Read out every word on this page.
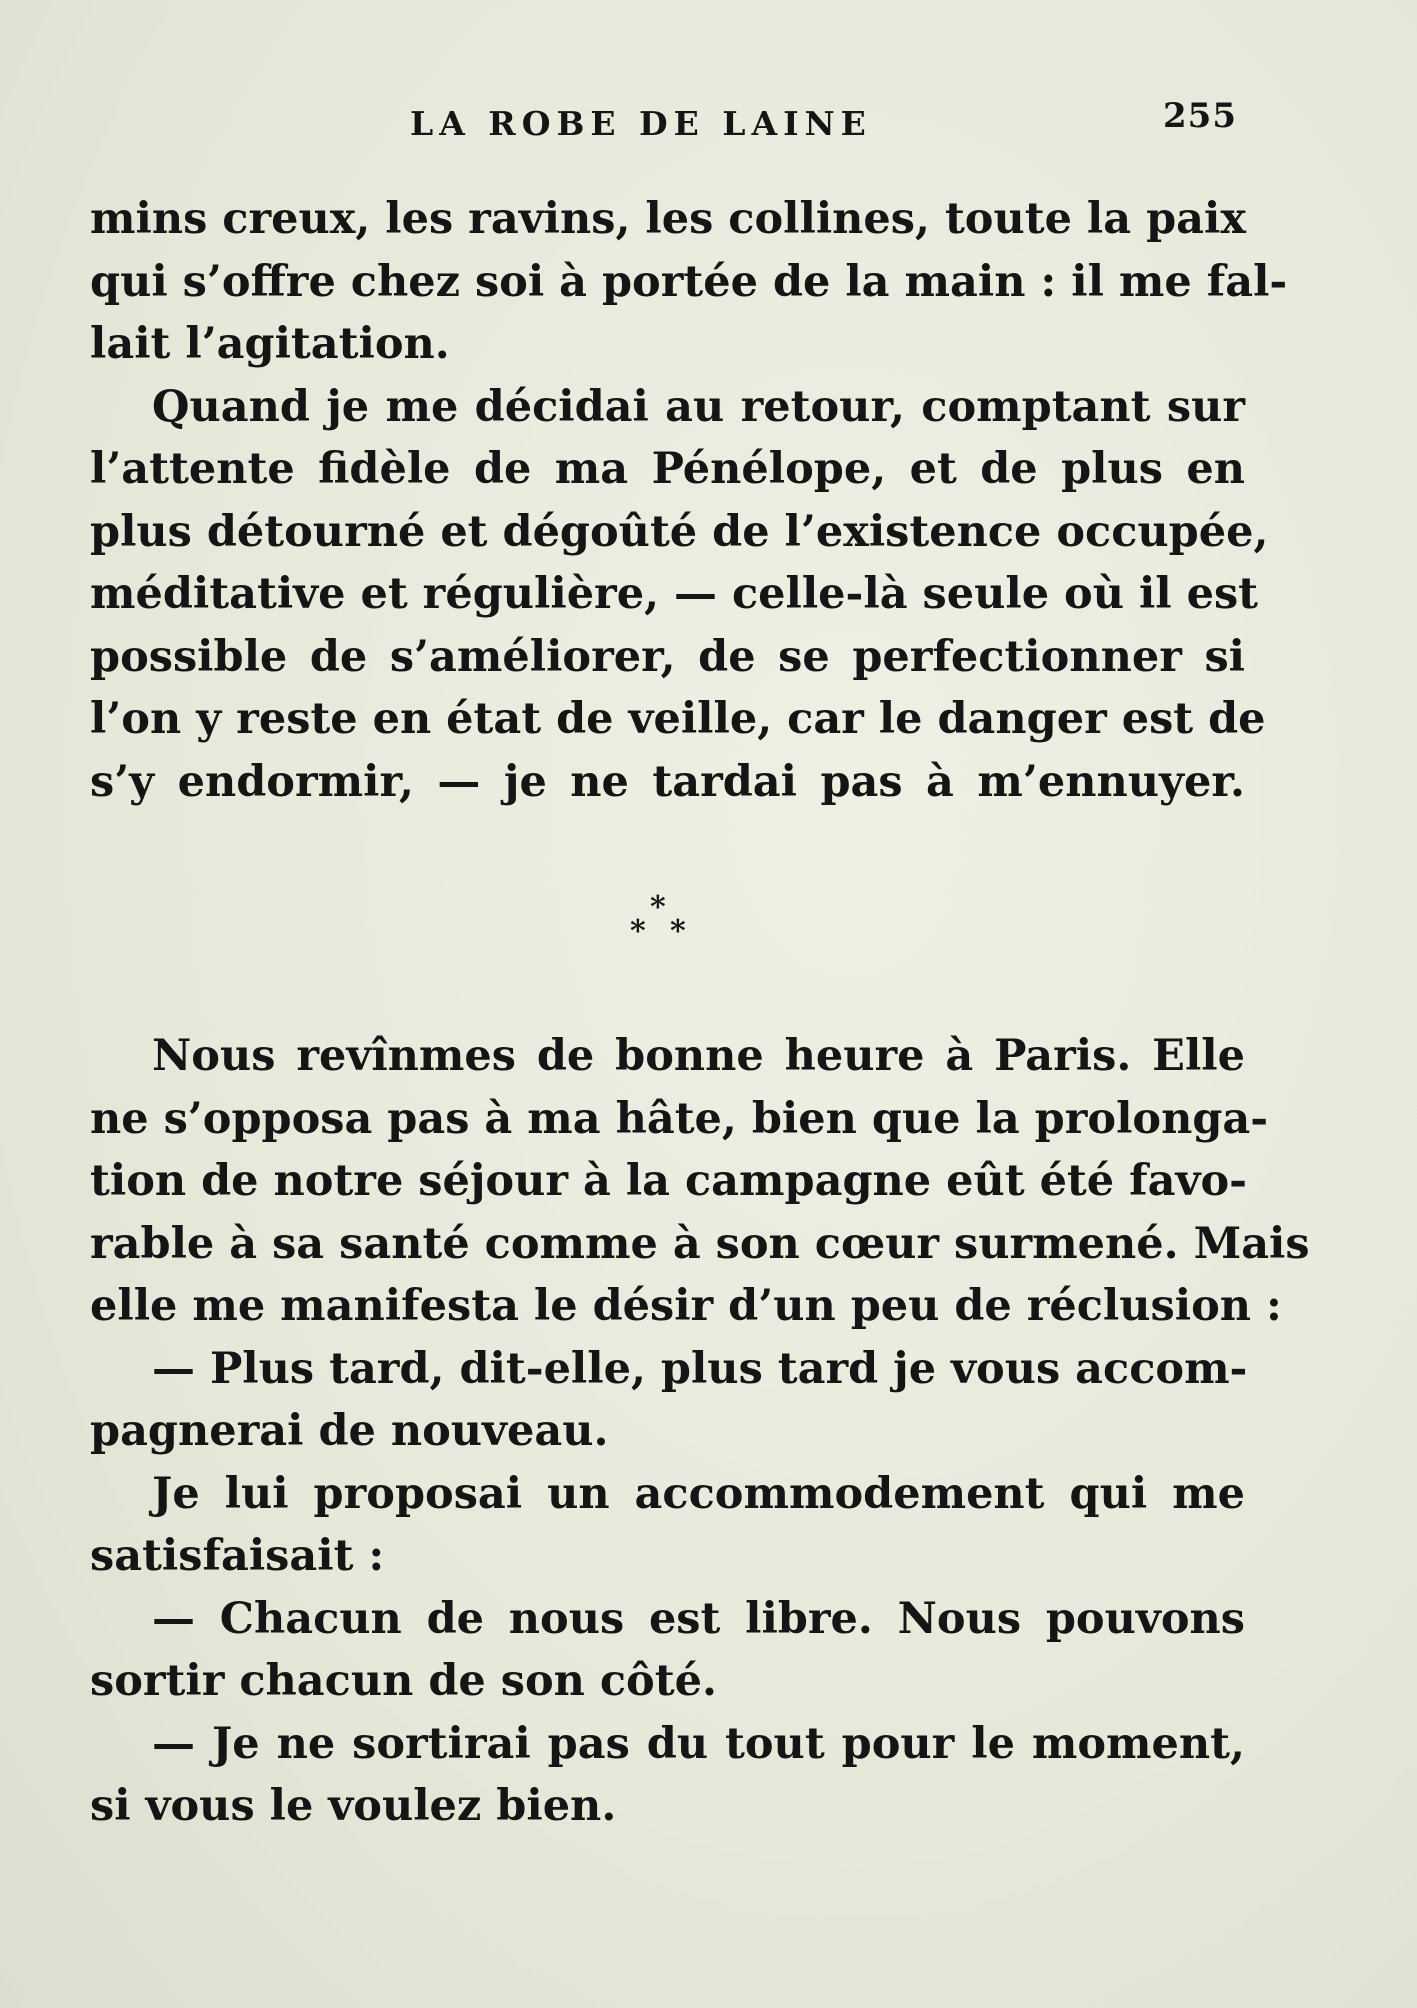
LA ROBE DE LAINE	255
mins creux, les ravins, les collines, toute la paix
qui s’offre chez soi à portée de la main : il me fal-
lait l’agitation.
Quand je me décidai au retour, comptant sur
l’attente fidèle de ma Pénélope, et de plus en
plus détourné et dégoûté de l’existence occupée,
méditative et régulière, — celle-là seule où il est
possible de s’améliorer, de se perfectionner si
l’on y reste en état de veille, car le danger est de
s’y endormir, — je ne tardai pas à m’ennuyer.
*
* *
Nous revînmes de bonne heure à Paris. Elle
ne s’opposa pas à ma hâte, bien que la prolonga-
tion de notre séjour à la campagne eût été favo-
rable à sa santé comme à son cœur surmené. Mais
elle me manifesta le désir d’un peu de réclusion :
— Plus tard, dit-elle, plus tard je vous accom-
pagnerai de nouveau.
Je lui proposai un accommodement qui me
satisfaisait :
— Chacun de nous est libre. Nous pouvons
sortir chacun de son côté.
— Je ne sortirai pas du tout pour le moment,
si vous le voulez bien.
